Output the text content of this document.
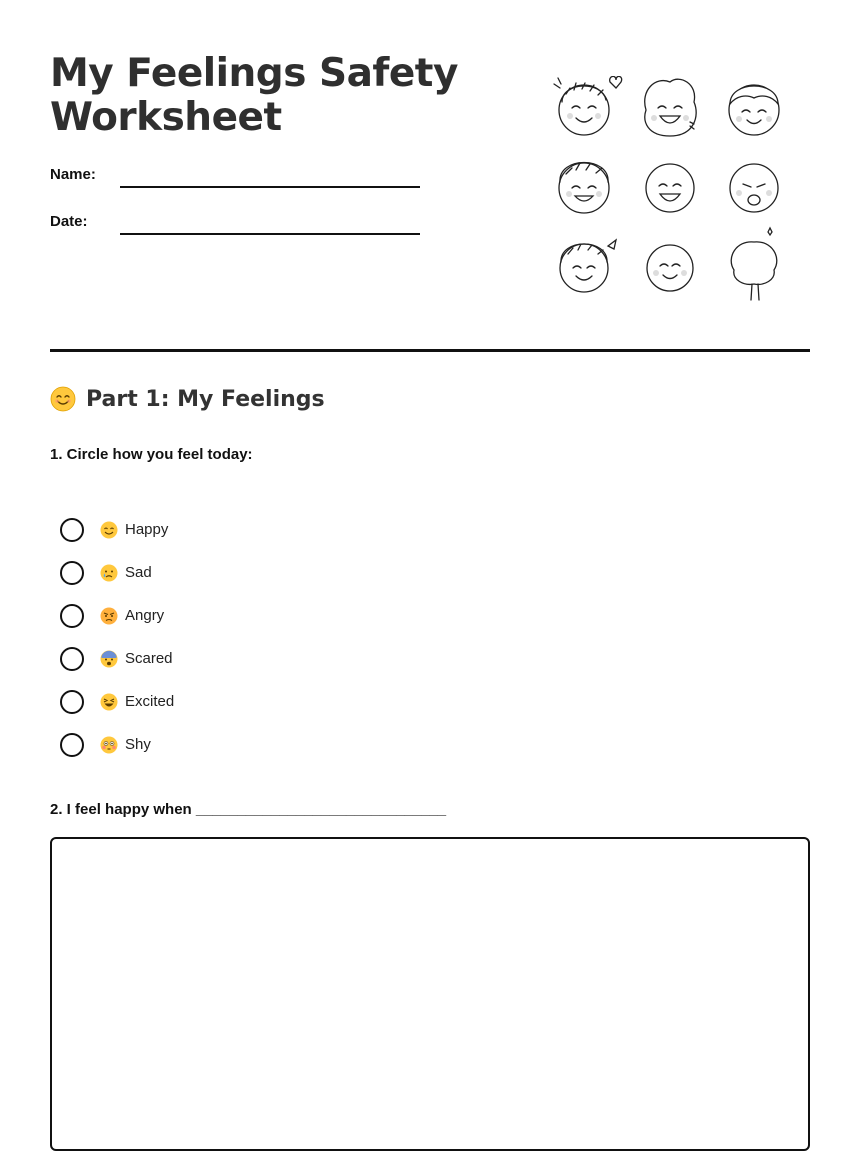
My Feelings Safety Worksheet
Name:
Date:
Part 1: My Feelings
1. Circle how you feel today:
Happy
Sad
Angry
Scared
Excited
Shy
2. I feel happy when ______________________________
